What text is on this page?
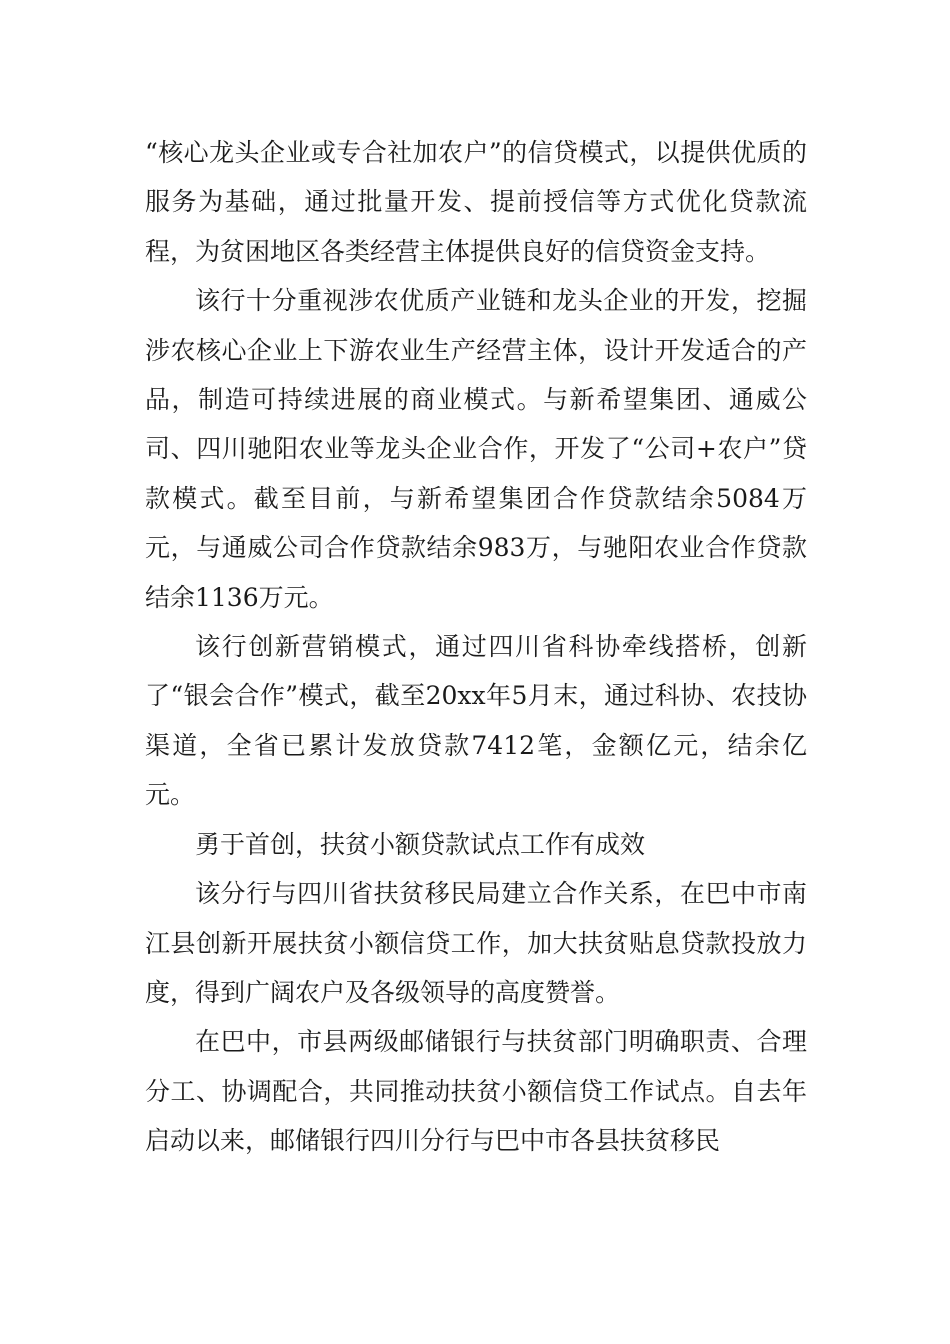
“核心龙头企业或专合社加农户”的信贷模式，以提供优质的服务为基础，通过批量开发、提前授信等方式优化贷款流程，为贫困地区各类经营主体提供良好的信贷资金支持。

该行十分重视涉农优质产业链和龙头企业的开发，挖掘涉农核心企业上下游农业生产经营主体，设计开发适合的产品，制造可持续进展的商业模式。与新希望集团、通威公司、四川驰阳农业等龙头企业合作，开发了“公司+农户”贷款模式。截至目前，与新希望集团合作贷款结余5084万元，与通威公司合作贷款结余983万，与驰阳农业合作贷款结余1136万元。

该行创新营销模式，通过四川省科协牵线搭桥，创新了“银会合作”模式，截至20xx年5月末，通过科协、农技协渠道，全省已累计发放贷款7412笔，金额亿元，结余亿元。

勇于首创，扶贫小额贷款试点工作有成效

该分行与四川省扶贫移民局建立合作关系，在巴中市南江县创新开展扶贫小额信贷工作，加大扶贫贴息贷款投放力度，得到广阔农户及各级领导的高度赞誉。

在巴中，市县两级邮储银行与扶贫部门明确职责、合理分工、协调配合，共同推动扶贫小额信贷工作试点。自去年启动以来，邮储银行四川分行与巴中市各县扶贫移民
